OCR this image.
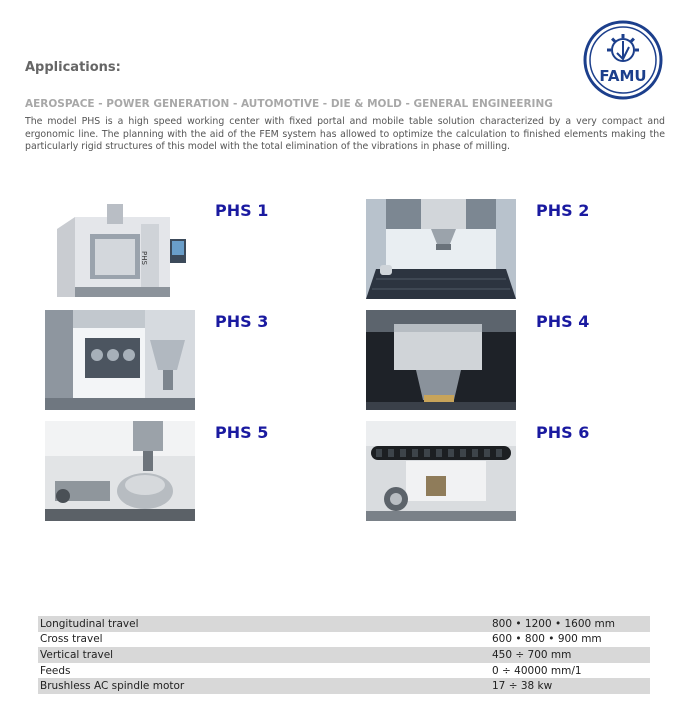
FAMU
Applications:
AEROSPACE - POWER GENERATION - AUTOMOTIVE - DIE & MOLD - GENERAL ENGINEERING
The model PHS is a high speed working center with fixed portal and mobile table solution characterized by a very compact and ergonomic line. The planning with the aid of the FEM system has allowed to optimize the calculation to finished elements making the particularly rigid structures of this model with the total elimination of the vibrations in phase of milling.
PHS
PHS 1	PHS 2
PHS 3	PHS 4
PHS 5	PHS 6
Longitudinal travel	800 • 1200 • 1600 mm
Cross travel	600 • 800 • 900 mm
Vertical travel	450 ÷ 700 mm
Feeds	0 ÷ 40000 mm/1
Brushless AC spindle motor	17 ÷ 38 kw
